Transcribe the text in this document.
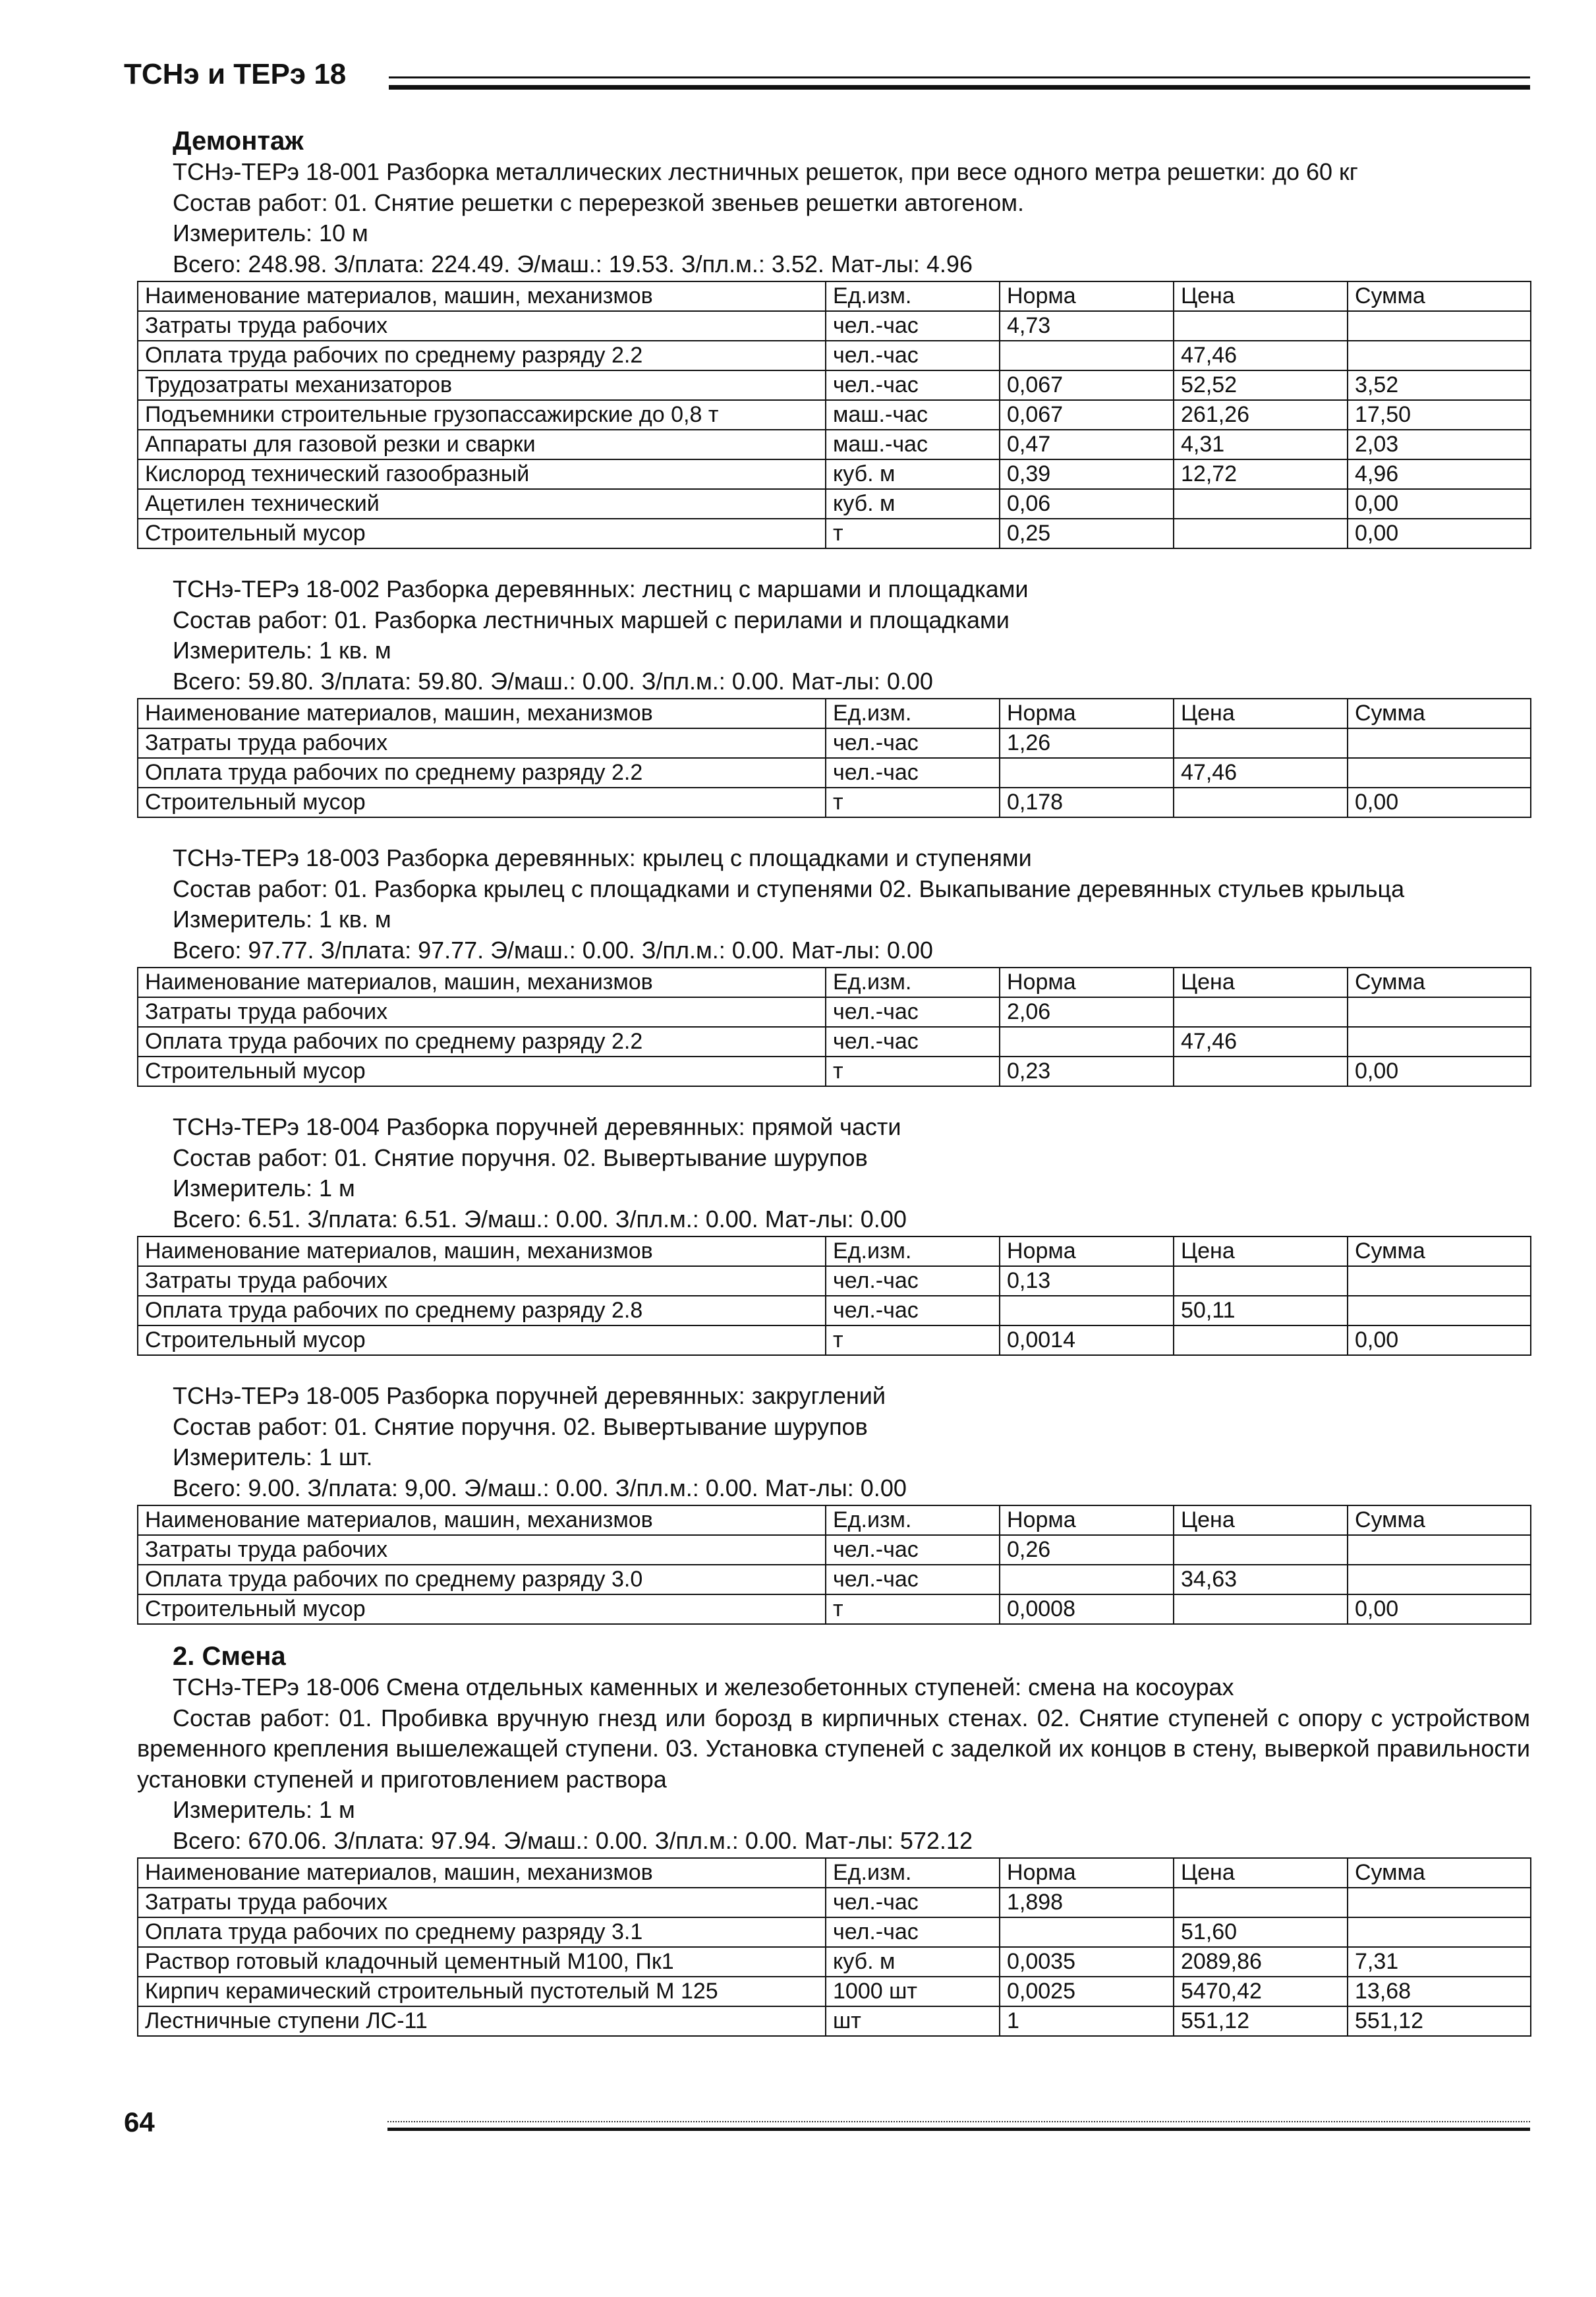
ТСНэ и ТЕРэ 18
Демонтаж
ТСНэ-ТЕРэ 18-001 Разборка металлических лестничных решеток, при весе одного метра решетки: до 60 кг
Состав работ: 01. Снятие решетки с перерезкой звеньев решетки автогеном.
Измеритель: 10 м
Всего: 248.98. З/плата: 224.49. Э/маш.: 19.53. З/пл.м.: 3.52. Мат-лы: 4.96
Наименование материалов, машин, механизмов	Ед.изм.	Норма	Цена	Сумма
Затраты труда рабочих	чел.-час	4,73		
Оплата труда рабочих по среднему разряду 2.2	чел.-час		47,46	
Трудозатраты механизаторов	чел.-час	0,067	52,52	3,52
Подъемники строительные грузопассажирские до 0,8 т	маш.-час	0,067	261,26	17,50
Аппараты для газовой резки и сварки	маш.-час	0,47	4,31	2,03
Кислород технический газообразный	куб. м	0,39	12,72	4,96
Ацетилен технический	куб. м	0,06		0,00
Строительный мусор	т	0,25		0,00
ТСНэ-ТЕРэ 18-002 Разборка деревянных: лестниц с маршами и площадками
Состав работ: 01. Разборка лестничных маршей с перилами и площадками
Измеритель: 1 кв. м
Всего: 59.80. З/плата: 59.80. Э/маш.: 0.00. З/пл.м.: 0.00. Мат-лы: 0.00
Наименование материалов, машин, механизмов	Ед.изм.	Норма	Цена	Сумма
Затраты труда рабочих	чел.-час	1,26		
Оплата труда рабочих по среднему разряду 2.2	чел.-час		47,46	
Строительный мусор	т	0,178		0,00
ТСНэ-ТЕРэ 18-003 Разборка деревянных: крылец с площадками и ступенями
Состав работ: 01. Разборка крылец с площадками и ступенями 02. Выкапывание деревянных стульев крыльца
Измеритель: 1 кв. м
Всего: 97.77. З/плата: 97.77. Э/маш.: 0.00. З/пл.м.: 0.00. Мат-лы: 0.00
Наименование материалов, машин, механизмов	Ед.изм.	Норма	Цена	Сумма
Затраты труда рабочих	чел.-час	2,06		
Оплата труда рабочих по среднему разряду 2.2	чел.-час		47,46	
Строительный мусор	т	0,23		0,00
ТСНэ-ТЕРэ 18-004 Разборка поручней деревянных: прямой части
Состав работ: 01. Снятие поручня. 02. Вывертывание шурупов
Измеритель: 1 м
Всего: 6.51. З/плата: 6.51. Э/маш.: 0.00. З/пл.м.: 0.00. Мат-лы: 0.00
Наименование материалов, машин, механизмов	Ед.изм.	Норма	Цена	Сумма
Затраты труда рабочих	чел.-час	0,13		
Оплата труда рабочих по среднему разряду 2.8	чел.-час		50,11	
Строительный мусор	т	0,0014		0,00
ТСНэ-ТЕРэ 18-005 Разборка поручней деревянных: закруглений
Состав работ: 01. Снятие поручня. 02. Вывертывание шурупов
Измеритель: 1 шт.
Всего: 9.00. З/плата: 9,00. Э/маш.: 0.00. З/пл.м.: 0.00. Мат-лы: 0.00
Наименование материалов, машин, механизмов	Ед.изм.	Норма	Цена	Сумма
Затраты труда рабочих	чел.-час	0,26		
Оплата труда рабочих по среднему разряду 3.0	чел.-час		34,63	
Строительный мусор	т	0,0008		0,00
2. Смена
ТСНэ-ТЕРэ 18-006 Смена отдельных каменных и железобетонных ступеней: смена на косоурах
Состав работ: 01. Пробивка вручную гнезд или борозд в кирпичных стенах. 02. Снятие ступеней с опору с устройством временного крепления вышележащей ступени. 03. Установка ступеней с заделкой их концов в стену, выверкой правильности установки ступеней и приготовлением раствора
Измеритель: 1 м
Всего: 670.06. З/плата: 97.94. Э/маш.: 0.00. З/пл.м.: 0.00. Мат-лы: 572.12
Наименование материалов, машин, механизмов	Ед.изм.	Норма	Цена	Сумма
Затраты труда рабочих	чел.-час	1,898		
Оплата труда рабочих по среднему разряду 3.1	чел.-час		51,60	
Раствор готовый кладочный цементный М100, Пк1	куб. м	0,0035	2089,86	7,31
Кирпич керамический строительный пустотелый М 125	1000 шт	0,0025	5470,42	13,68
Лестничные ступени ЛС-11	шт	1	551,12	551,12
64
